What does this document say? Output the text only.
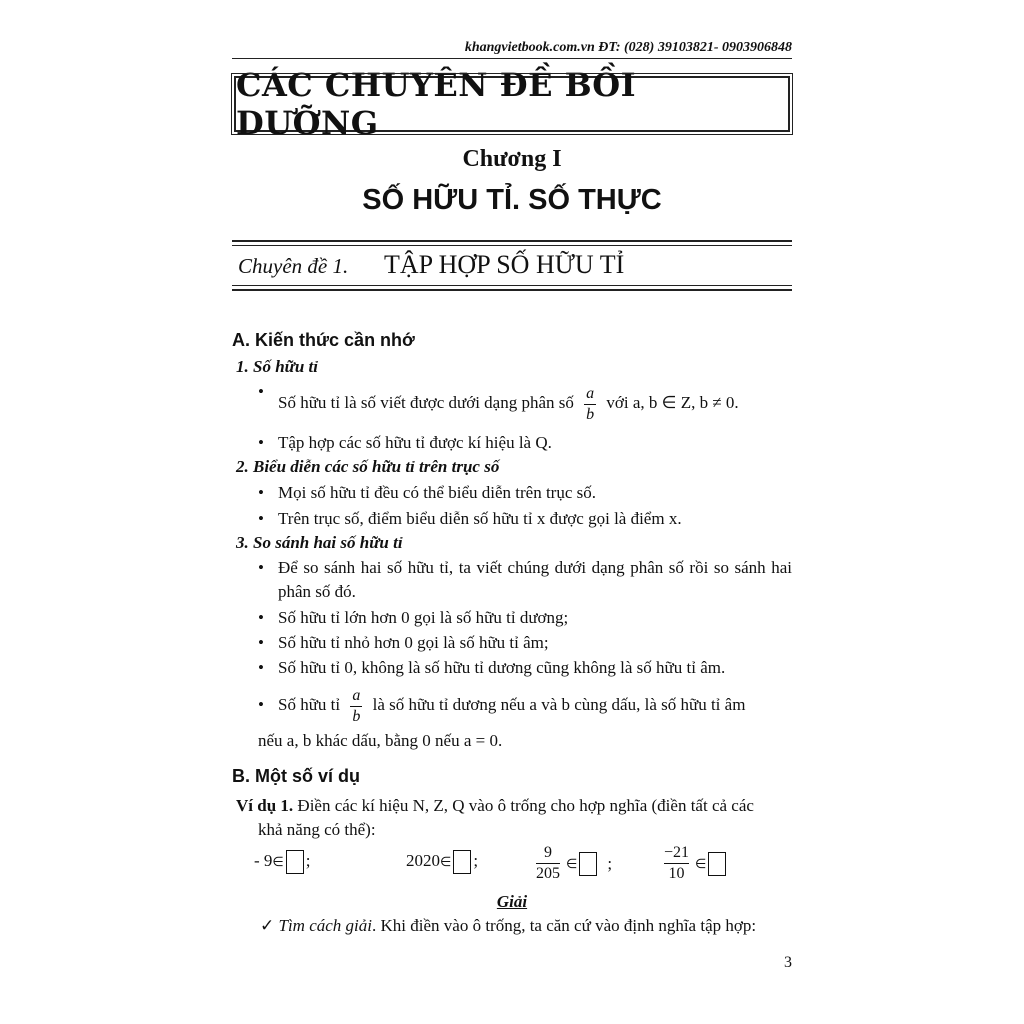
khangvietbook.com.vn ĐT: (028) 39103821- 0903906848
CÁC CHUYÊN ĐỀ BỒI DƯỠNG
Chương I
SỐ HỮU TỈ. SỐ THỰC
Chuyên đề 1. TẬP HỢP SỐ HỮU TỈ
A. Kiến thức cần nhớ
1. Số hữu tỉ
•
Số hữu tỉ là số viết được dưới dạng phân số $\frac{a}{b}$ với a, b ∈ Z, b ≠ 0.
• Tập hợp các số hữu tỉ được kí hiệu là Q.
2. Biểu diễn các số hữu tỉ trên trục số
• Mọi số hữu tỉ đều có thể biểu diễn trên trục số.
• Trên trục số, điểm biểu diễn số hữu tỉ x được gọi là điểm x.
3. So sánh hai số hữu tỉ
• Để so sánh hai số hữu tỉ, ta viết chúng dưới dạng phân số rồi so sánh hai phân số đó.
• Số hữu tỉ lớn hơn 0 gọi là số hữu tỉ dương;
• Số hữu tỉ nhỏ hơn 0 gọi là số hữu tỉ âm;
• Số hữu tỉ 0, không là số hữu tỉ dương cũng không là số hữu tỉ âm.
• Số hữu tỉ $\frac{a}{b}$ là số hữu tỉ dương nếu a và b cùng dấu, là số hữu tỉ âm
nếu a, b khác dấu, bằng 0 nếu a = 0.
B. Một số ví dụ
Ví dụ 1. Điền các kí hiệu N, Z, Q vào ô trống cho hợp nghĩa (điền tất cả các
khả năng có thể):
- 9∈ ;	2020∈ ;	$\frac{9}{205}$ ∈ ;	$\frac{-21}{10}$ ∈
Giải
✓ Tìm cách giải. Khi điền vào ô trống, ta căn cứ vào định nghĩa tập hợp:
3
